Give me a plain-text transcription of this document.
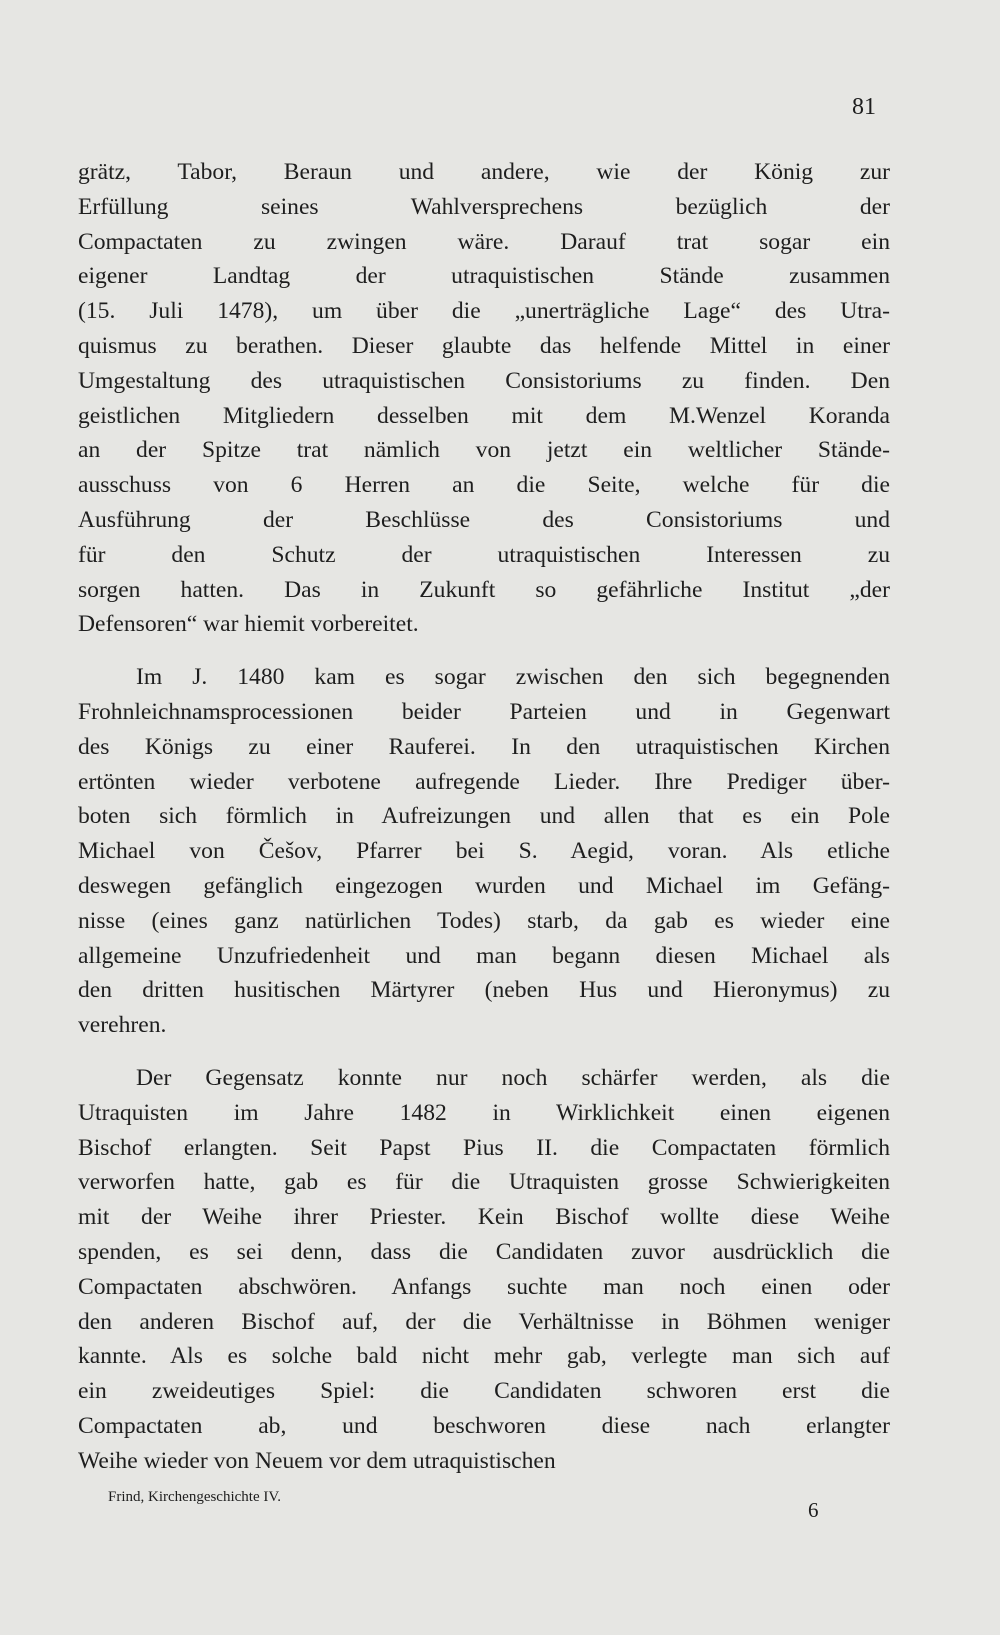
81
grätz, Tabor, Beraun und andere, wie der König zur
Erfüllung seines Wahlversprechens bezüglich der
Compactaten zu zwingen wäre. Darauf trat sogar ein
eigener Landtag der utraquistischen Stände zusammen
(15. Juli 1478), um über die „unerträgliche Lage“ des Utra-
quismus zu berathen. Dieser glaubte das helfende Mittel in einer
Umgestaltung des utraquistischen Consistoriums zu finden. Den
geistlichen Mitgliedern desselben mit dem M.Wenzel Koranda
an der Spitze trat nämlich von jetzt ein weltlicher Stände-
ausschuss von 6 Herren an die Seite, welche für die
Ausführung der Beschlüsse des Consistoriums und
für den Schutz der utraquistischen Interessen zu
sorgen hatten. Das in Zukunft so gefährliche Institut „der
Defensoren“ war hiemit vorbereitet.
Im J. 1480 kam es sogar zwischen den sich begegnenden
Frohnleichnamsprocessionen beider Parteien und in Gegenwart
des Königs zu einer Rauferei. In den utraquistischen Kirchen
ertönten wieder verbotene aufregende Lieder. Ihre Prediger über-
boten sich förmlich in Aufreizungen und allen that es ein Pole
Michael von Češov, Pfarrer bei S. Aegid, voran. Als etliche
deswegen gefänglich eingezogen wurden und Michael im Gefäng-
nisse (eines ganz natürlichen Todes) starb, da gab es wieder eine
allgemeine Unzufriedenheit und man begann diesen Michael als
den dritten husitischen Märtyrer (neben Hus und Hieronymus) zu
verehren.
Der Gegensatz konnte nur noch schärfer werden, als die
Utraquisten im Jahre 1482 in Wirklichkeit einen eigenen
Bischof erlangten. Seit Papst Pius II. die Compactaten förmlich
verworfen hatte, gab es für die Utraquisten grosse Schwierigkeiten
mit der Weihe ihrer Priester. Kein Bischof wollte diese Weihe
spenden, es sei denn, dass die Candidaten zuvor ausdrücklich die
Compactaten abschwören. Anfangs suchte man noch einen oder
den anderen Bischof auf, der die Verhältnisse in Böhmen weniger
kannte. Als es solche bald nicht mehr gab, verlegte man sich auf
ein zweideutiges Spiel: die Candidaten schworen erst die
Compactaten ab, und beschworen diese nach erlangter
Weihe wieder von Neuem vor dem utraquistischen
Frind, Kirchengeschichte IV.
6
